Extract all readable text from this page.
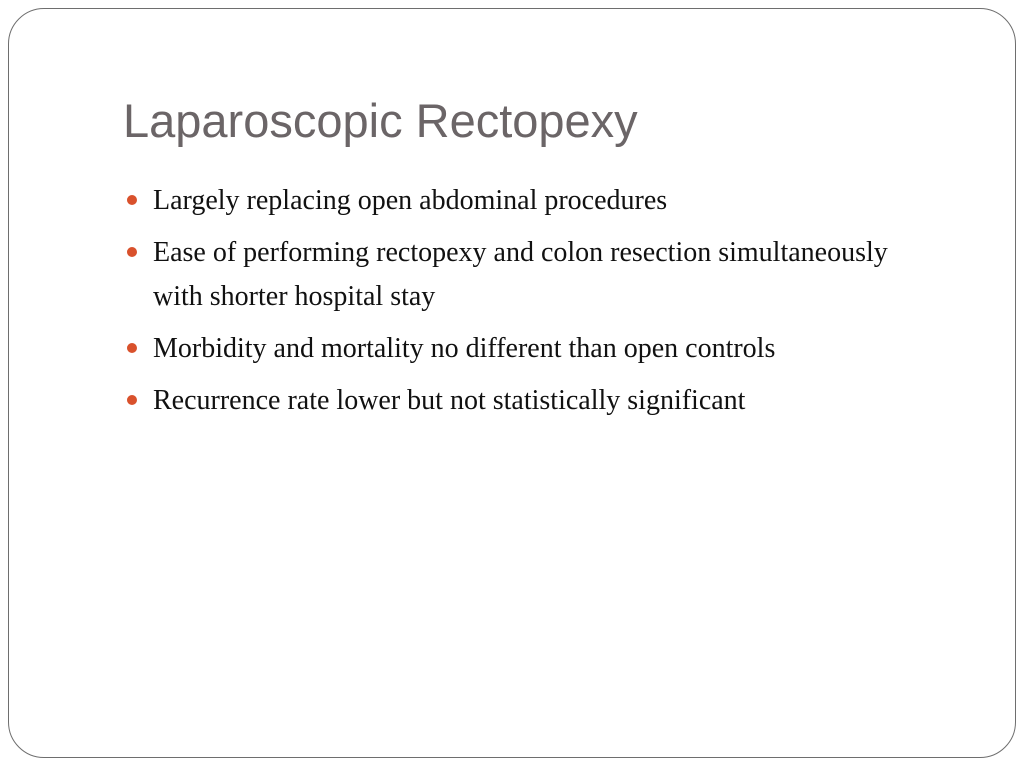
Laparoscopic Rectopexy
Largely replacing open abdominal procedures
Ease of performing rectopexy and colon resection simultaneously with shorter hospital stay
Morbidity and mortality no different than open controls
Recurrence rate lower but not statistically significant
